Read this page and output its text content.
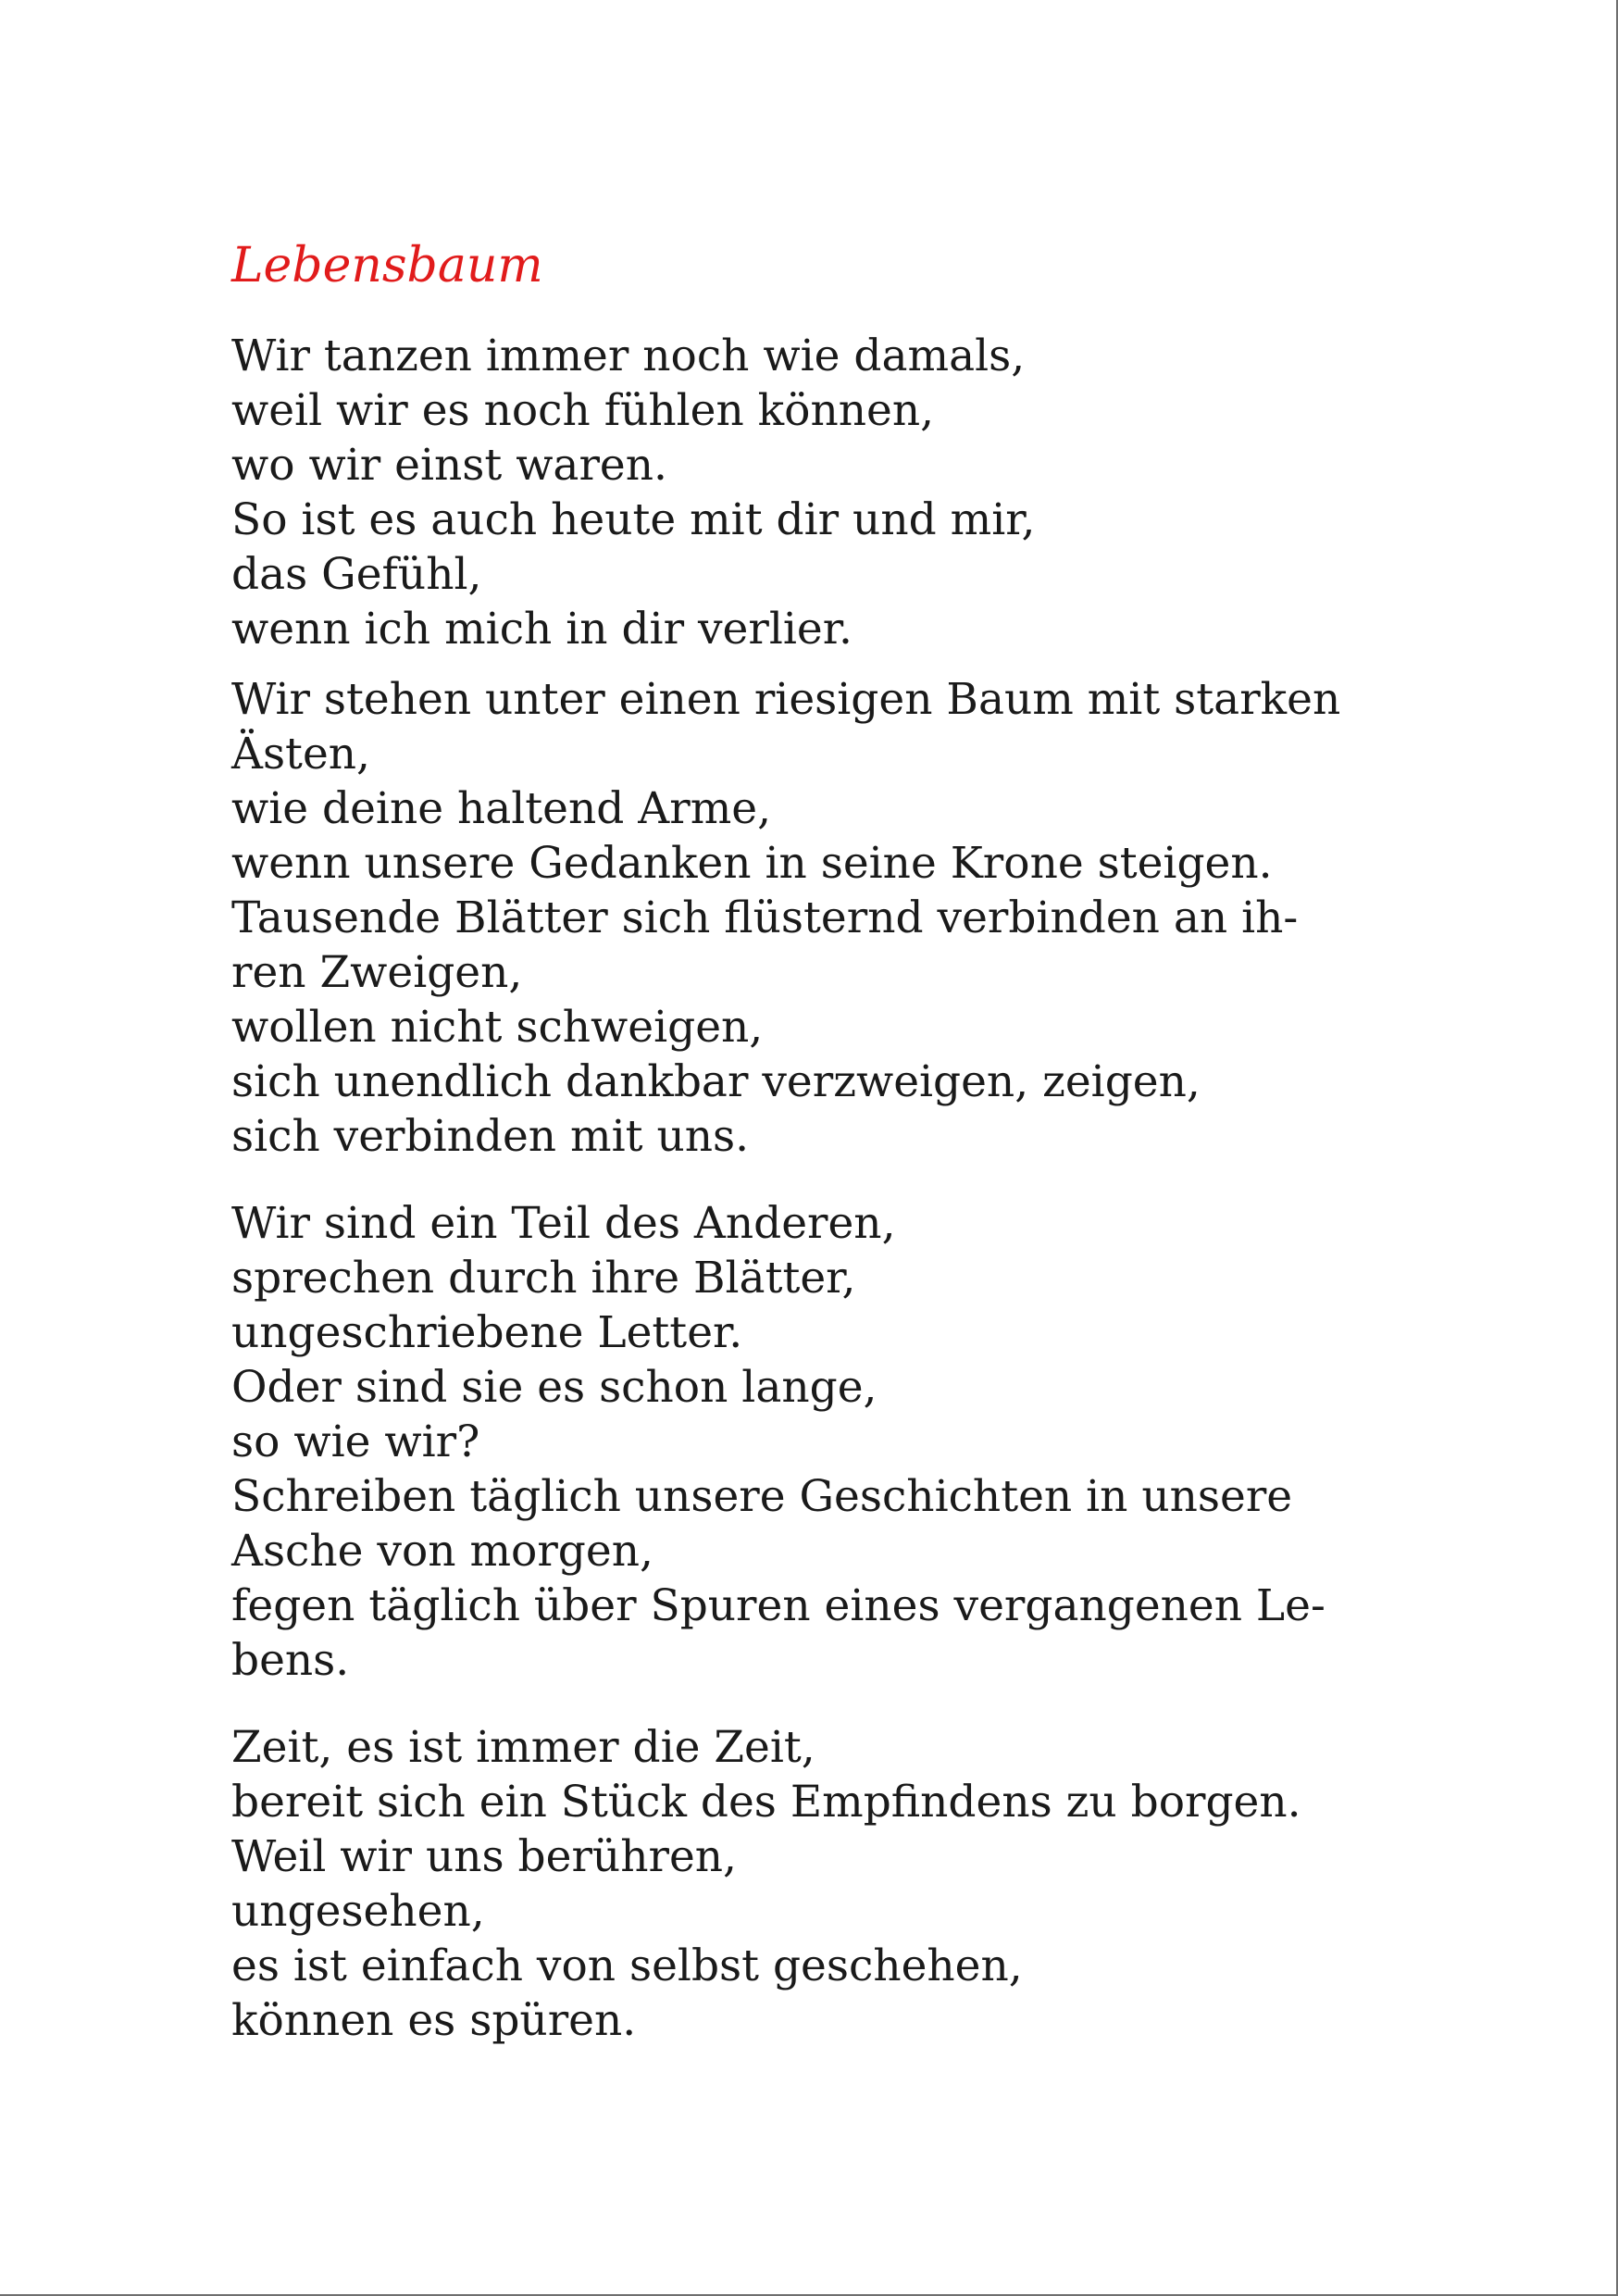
Lebensbaum
Wir tanzen immer noch wie damals,
weil wir es noch fühlen können,
wo wir einst waren.
So ist es auch heute mit dir und mir,
das Gefühl,
wenn ich mich in dir verlier.
Wir stehen unter einen riesigen Baum mit starken
Ästen,
wie deine haltend Arme,
wenn unsere Gedanken in seine Krone steigen.
Tausende Blätter sich flüsternd verbinden an ih-
ren Zweigen,
wollen nicht schweigen,
sich unendlich dankbar verzweigen, zeigen,
sich verbinden mit uns.
Wir sind ein Teil des Anderen,
sprechen durch ihre Blätter,
ungeschriebene Letter.
Oder sind sie es schon lange,
so wie wir?
Schreiben täglich unsere Geschichten in unsere
Asche von morgen,
fegen täglich über Spuren eines vergangenen Le-
bens.
Zeit, es ist immer die Zeit,
bereit sich ein Stück des Empfindens zu borgen.
Weil wir uns berühren,
ungesehen,
es ist einfach von selbst geschehen,
können es spüren.
